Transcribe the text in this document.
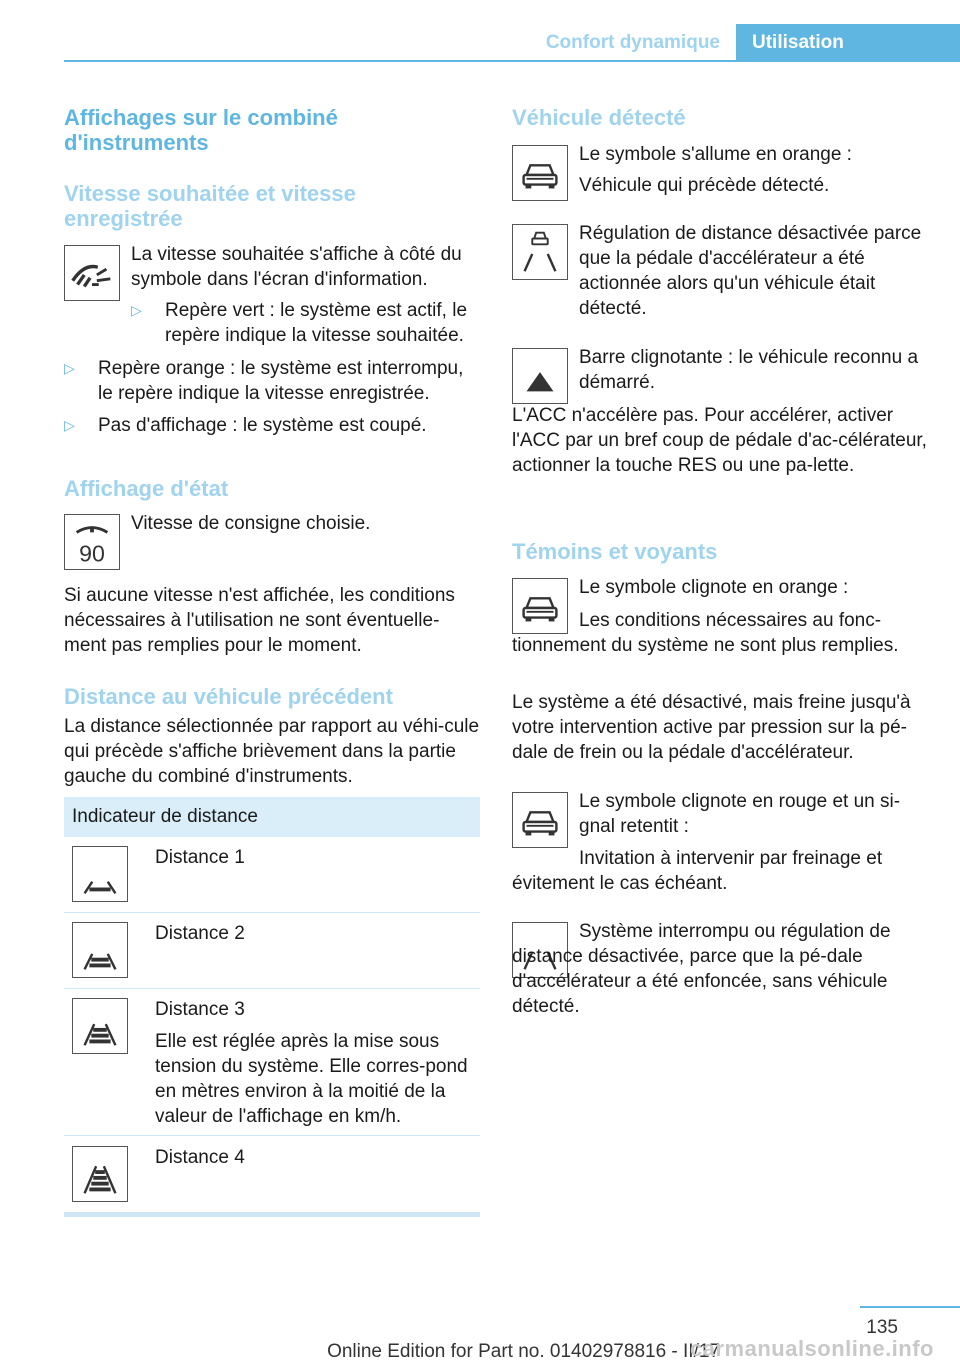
Confort dynamique	Utilisation
Affichages sur le combiné d'instruments
Vitesse souhaitée et vitesse enregistrée
La vitesse souhaitée s'affiche à côté du symbole dans l'écran d'information.
▷ Repère vert : le système est actif, le repère indique la vitesse souhaitée.
▷ Repère orange : le système est interrompu, le repère indique la vitesse enregistrée.
▷ Pas d'affichage : le système est coupé.
Affichage d'état
90
Vitesse de consigne choisie.
Si aucune vitesse n'est affichée, les conditions nécessaires à l'utilisation ne sont éventuelle-ment pas remplies pour le moment.
Distance au véhicule précédent
La distance sélectionnée par rapport au véhi-cule qui précède s'affiche brièvement dans la partie gauche du combiné d'instruments.
Indicateur de distance
Distance 1
Distance 2
Distance 3
Elle est réglée après la mise sous tension du système. Elle corres-pond en mètres environ à la moitié de la valeur de l'affichage en km/h.
Distance 4
Véhicule détecté
Le symbole s'allume en orange :
Véhicule qui précède détecté.
Régulation de distance désactivée parce que la pédale d'accélérateur a été actionnée alors qu'un véhicule était détecté.
Barre clignotante : le véhicule reconnu a démarré.
L'ACC n'accélère pas. Pour accélérer, activer l'ACC par un bref coup de pédale d'ac-célérateur, actionner la touche RES ou une pa-lette.
Témoins et voyants
Le symbole clignote en orange :
Les conditions nécessaires au fonc-tionnement du système ne sont plus remplies.
Le système a été désactivé, mais freine jusqu'à votre intervention active par pression sur la pé-dale de frein ou la pédale d'accélérateur.
Le symbole clignote en rouge et un si-gnal retentit :
Invitation à intervenir par freinage et évitement le cas échéant.
Système interrompu ou régulation de distance désactivée, parce que la pé-dale d'accélérateur a été enfoncée, sans véhicule détecté.
135
Online Edition for Part no. 01402978816 - II/17
carmanualsonline.info
